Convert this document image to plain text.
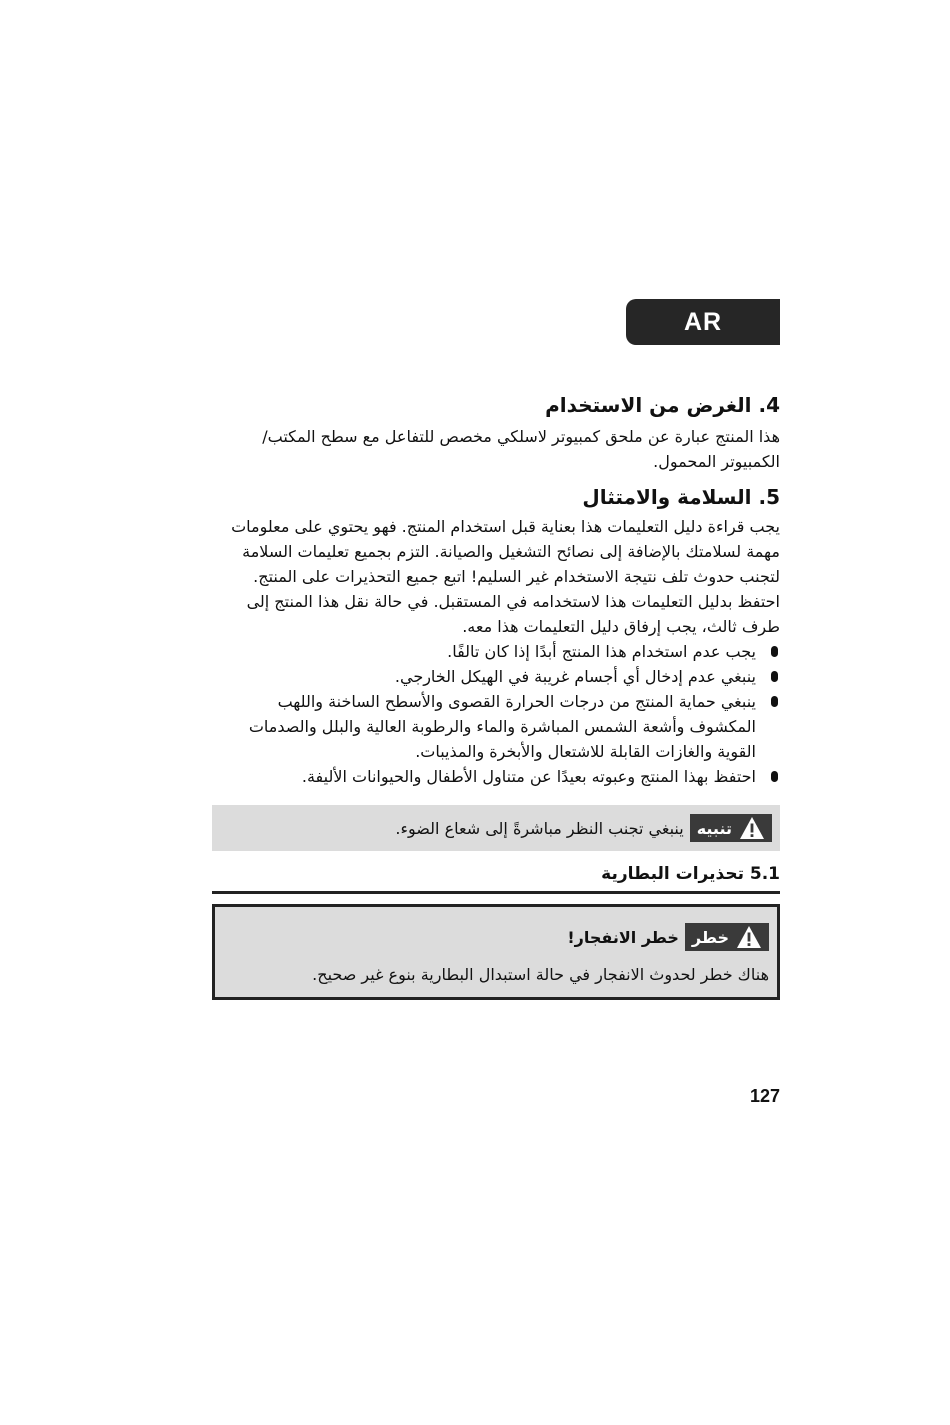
AR
4. الغرض من الاستخدام

هذا المنتج عبارة عن ملحق كمبيوتر لاسلكي مخصص للتفاعل مع سطح المكتب/الكمبيوتر المحمول.

5. السلامة والامتثال

يجب قراءة دليل التعليمات هذا بعناية قبل استخدام المنتج. فهو يحتوي على معلومات مهمة لسلامتك بالإضافة إلى نصائح التشغيل والصيانة. التزم بجميع تعليمات السلامة لتجنب حدوث تلف نتيجة الاستخدام غير السليم! اتبع جميع التحذيرات على المنتج. احتفظ بدليل التعليمات هذا لاستخدامه في المستقبل. في حالة نقل هذا المنتج إلى طرف ثالث، يجب إرفاق دليل التعليمات هذا معه.

يجب عدم استخدام هذا المنتج أبدًا إذا كان تالفًا.
ينبغي عدم إدخال أي أجسام غريبة في الهيكل الخارجي.
ينبغي حماية المنتج من درجات الحرارة القصوى والأسطح الساخنة واللهب المكشوف وأشعة الشمس المباشرة والماء والرطوبة العالية والبلل والصدمات القوية والغازات القابلة للاشتعال والأبخرة والمذيبات.
احتفظ بهذا المنتج وعبوته بعيدًا عن متناول الأطفال والحيوانات الأليفة.
تنبيه
ينبغي تجنب النظر مباشرةً إلى شعاع الضوء.
5.1 تحذيرات البطارية
خطر
خطر الانفجار!
هناك خطر لحدوث الانفجار في حالة استبدال البطارية بنوع غير صحيح.
127
